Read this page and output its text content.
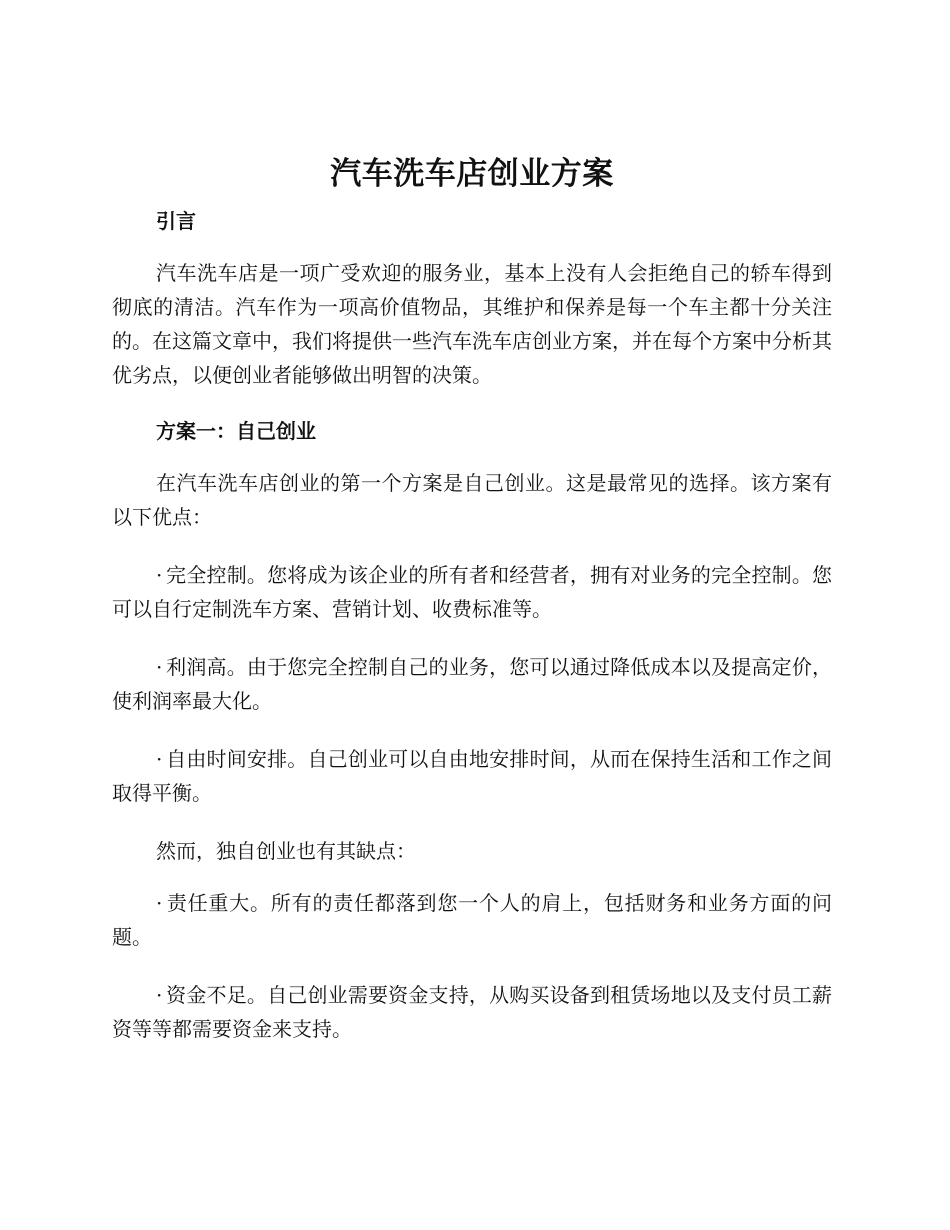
汽车洗车店创业方案
引言

汽车洗车店是一项广受欢迎的服务业，基本上没有人会拒绝自己的轿车得到彻底的清洁。汽车作为一项高价值物品，其维护和保养是每一个车主都十分关注的。在这篇文章中，我们将提供一些汽车洗车店创业方案，并在每个方案中分析其优劣点，以便创业者能够做出明智的决策。

方案一：自己创业

在汽车洗车店创业的第一个方案是自己创业。这是最常见的选择。该方案有以下优点：

· 完全控制。您将成为该企业的所有者和经营者，拥有对业务的完全控制。您可以自行定制洗车方案、营销计划、收费标准等。

· 利润高。由于您完全控制自己的业务，您可以通过降低成本以及提高定价，使利润率最大化。

· 自由时间安排。自己创业可以自由地安排时间，从而在保持生活和工作之间取得平衡。

然而，独自创业也有其缺点：

· 责任重大。所有的责任都落到您一个人的肩上，包括财务和业务方面的问题。

· 资金不足。自己创业需要资金支持，从购买设备到租赁场地以及支付员工薪资等等都需要资金来支持。
